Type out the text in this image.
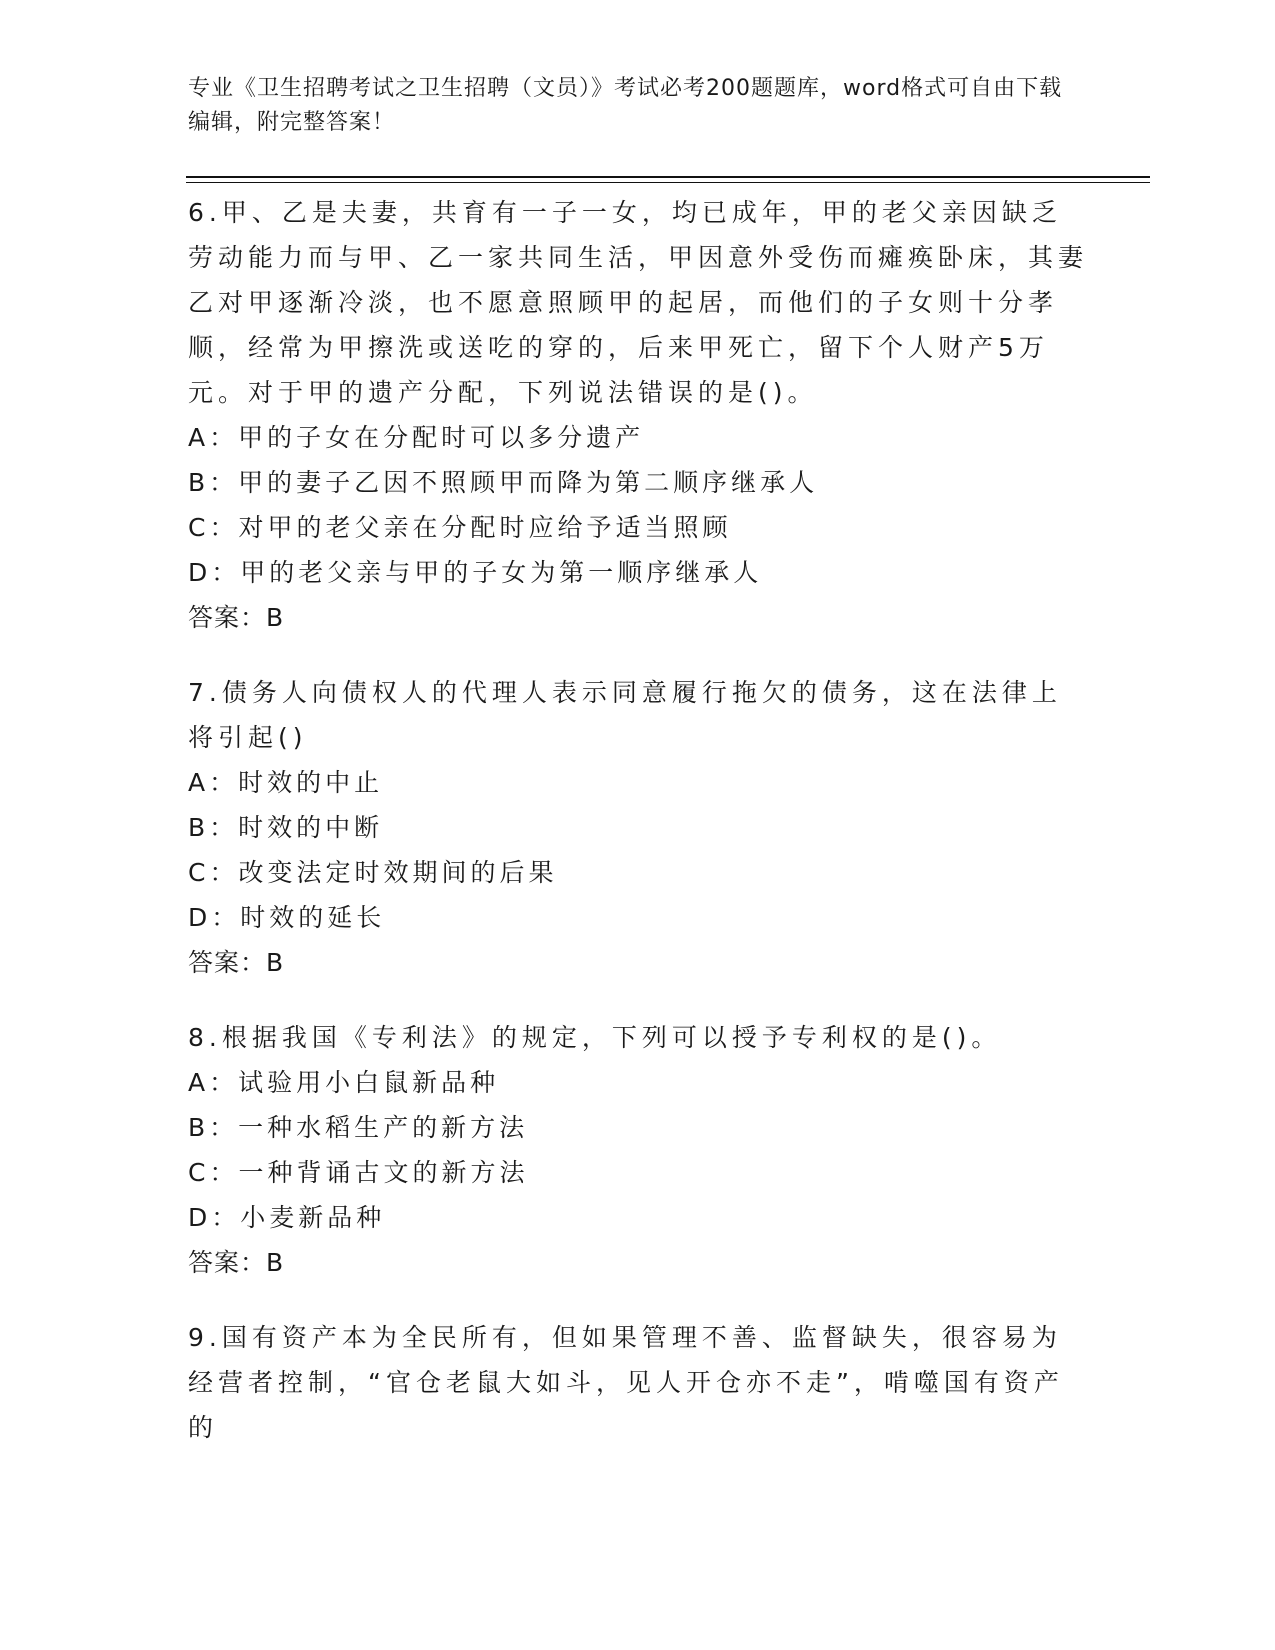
专业《卫生招聘考试之卫生招聘（文员）》考试必考200题题库，word格式可自由下载编辑，附完整答案！

6.甲、乙是夫妻，共育有一子一女，均已成年，甲的老父亲因缺乏劳动能力而与甲、乙一家共同生活，甲因意外受伤而瘫痪卧床，其妻乙对甲逐渐冷淡，也不愿意照顾甲的起居，而他们的子女则十分孝顺，经常为甲擦洗或送吃的穿的，后来甲死亡，留下个人财产5万元。对于甲的遗产分配，下列说法错误的是()。

A：甲的子女在分配时可以多分遗产

B：甲的妻子乙因不照顾甲而降为第二顺序继承人

C：对甲的老父亲在分配时应给予适当照顾

D：甲的老父亲与甲的子女为第一顺序继承人

答案：B

7.债务人向债权人的代理人表示同意履行拖欠的债务，这在法律上将引起()

A：时效的中止

B：时效的中断

C：改变法定时效期间的后果

D：时效的延长

答案：B

8.根据我国《专利法》的规定，下列可以授予专利权的是()。

A：试验用小白鼠新品种

B：一种水稻生产的新方法

C：一种背诵古文的新方法

D：小麦新品种

答案：B

9.国有资产本为全民所有，但如果管理不善、监督缺失，很容易为经营者控制，“官仓老鼠大如斗，见人开仓亦不走”，啃噬国有资产的
